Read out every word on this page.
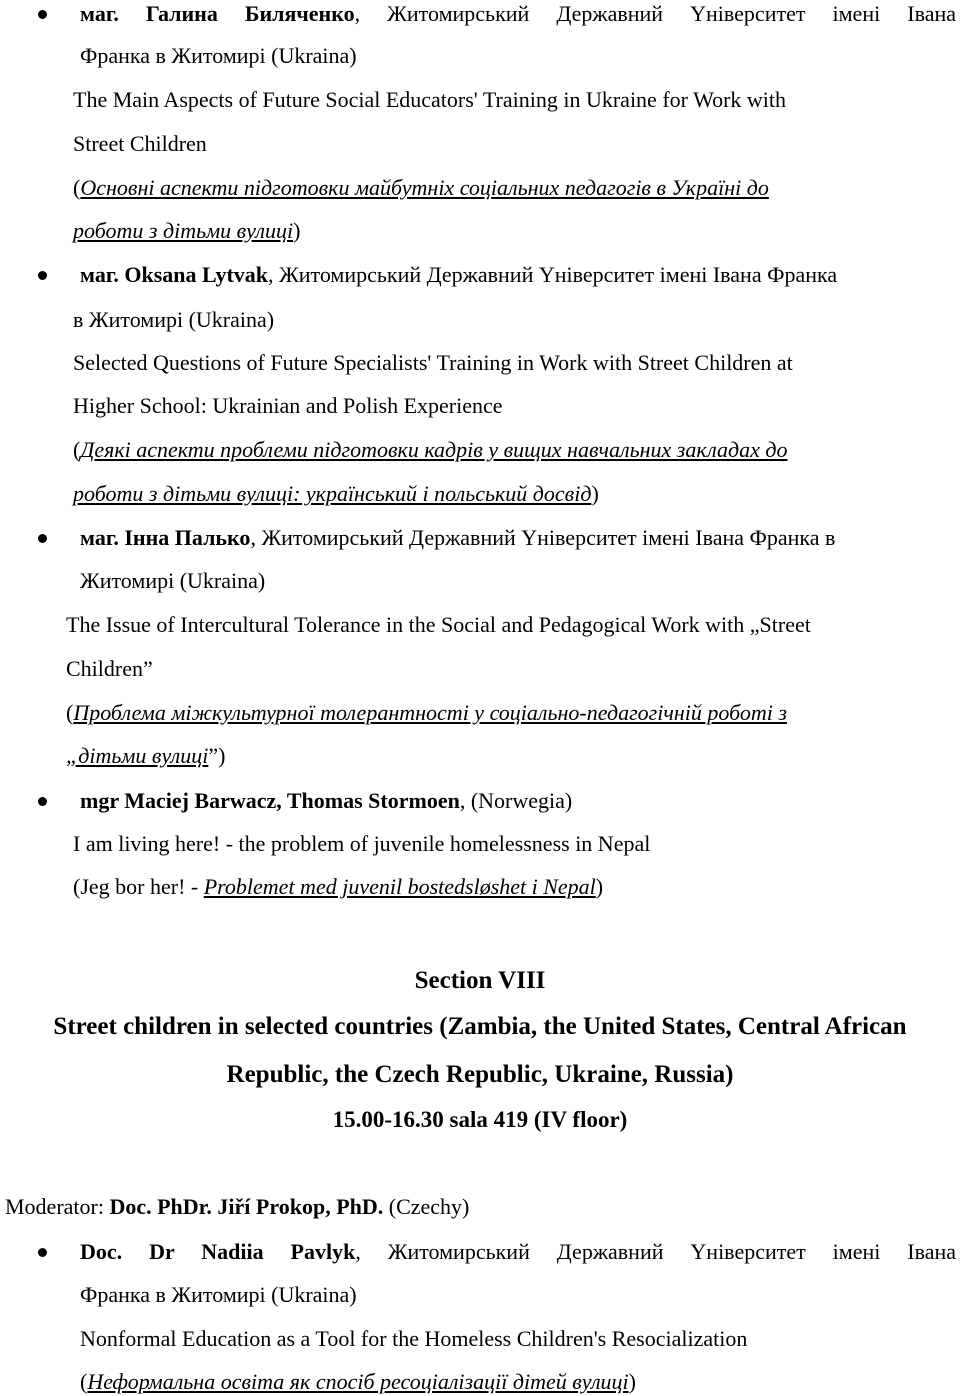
маг. Галина Биляченко, Житомирський Державний Үніверситет імені Івана
Франка в Житомирі (Ukraina)
The Main Aspects of Future Social Educators' Training in Ukraine for Work with
Street Children
(Основні аспекти підготовки майбутніх соціальних педагогів в Україні до
роботи з дітьми вулиці)
маг. Oksana Lytvak, Житомирський Державний Үніверситет імені Івана Франка
в Житомирі (Ukraina)
Selected Questions of Future Specialists' Training in Work with Street Children at
Higher School: Ukrainian and Polish Experience
(Деякі аспекти проблеми підготовки кадрів у вищих навчальних закладах до
роботи з дітьми вулиці: український і польський досвід)
маг. Інна Палько, Житомирський Державний Үніверситет імені Івана Франка в
Житомирі (Ukraina)
The Issue of Intercultural Tolerance in the Social and Pedagogical Work with „Street
Children”
(Проблема міжкультурної толерантності у соціально-педагогічній роботі з
„дітьми вулиці”)
mgr Maciej Barwacz, Thomas Stormoen, (Norwegia)
I am living here! - the problem of juvenile homelessness in Nepal
(Jeg bor her! - Problemet med juvenil bostedsløshet i Nepal)
Section VIII
Street children in selected countries (Zambia, the United States, Central African
Republic, the Czech Republic, Ukraine, Russia)
15.00-16.30 sala 419 (IV floor)
Moderator: Doc. PhDr. Jiří Prokop, PhD. (Czechy)
Doc. Dr Nadiia Pavlyk, Житомирський Державний Үніверситет імені Івана
Франка в Житомирі (Ukraina)
Nonformal Education as a Tool for the Homeless Children's Resocialization
(Неформальна освіта як спосіб ресоціалізації дітей вулиці)
